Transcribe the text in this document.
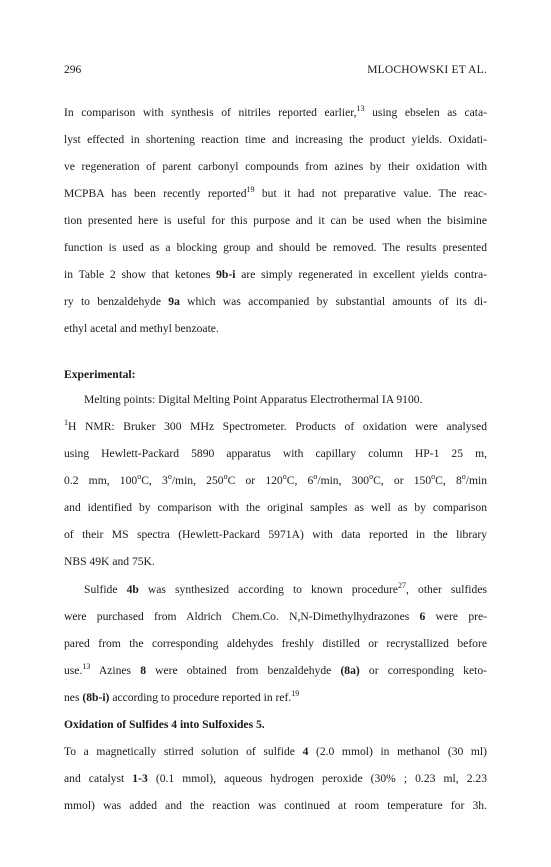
296	MLOCHOWSKI ET AL.
In comparison with synthesis of nitriles reported earlier,$^{13}$ using ebselen as cata-
lyst effected in shortening reaction time and increasing the product yields. Oxidati-
ve regeneration of parent carbonyl compounds from azines by their oxidation with
MCPBA has been recently reported$^{19}$ but it had not preparative value. The reac-
tion presented here is useful for this purpose and it can be used when the bisimine
function is used as a blocking group and should be removed. The results presented
in Table 2 show that ketones 9b-i are simply regenerated in excellent yields contra-
ry to benzaldehyde 9a which was accompanied by substantial amounts of its di-
ethyl acetal and methyl benzoate.
Experimental:
Melting points: Digital Melting Point Apparatus Electrothermal IA 9100.
$^1$H NMR: Bruker 300 MHz Spectrometer. Products of oxidation were analysed
using Hewlett-Packard 5890 apparatus with capillary column HP-1 25 m,
0.2 mm, 100$^o$C, 3$^o$/min, 250$^o$C or 120$^o$C, 6$^o$/min, 300$^o$C, or 150$^o$C, 8$^o$/min
and identified by comparison with the original samples as well as by comparison
of their MS spectra (Hewlett-Packard 5971A) with data reported in the library
NBS 49K and 75K.
Sulfide 4b was synthesized according to known procedure$^{27}$, other sulfides
were purchased from Aldrich Chem.Co. N,N-Dimethylhydrazones 6 were pre-
pared from the corresponding aldehydes freshly distilled or recrystallized before
use.$^{13}$ Azines 8 were obtained from benzaldehyde (8a) or corresponding keto-
nes (8b-i) according to procedure reported in ref.$^{19}$
Oxidation of Sulfides 4 into Sulfoxides 5.
To a magnetically stirred solution of sulfide 4 (2.0 mmol) in methanol (30 ml)
and catalyst 1-3 (0.1 mmol), aqueous hydrogen peroxide (30% ; 0.23 ml, 2.23
mmol) was added and the reaction was continued at room temperature for 3h.
